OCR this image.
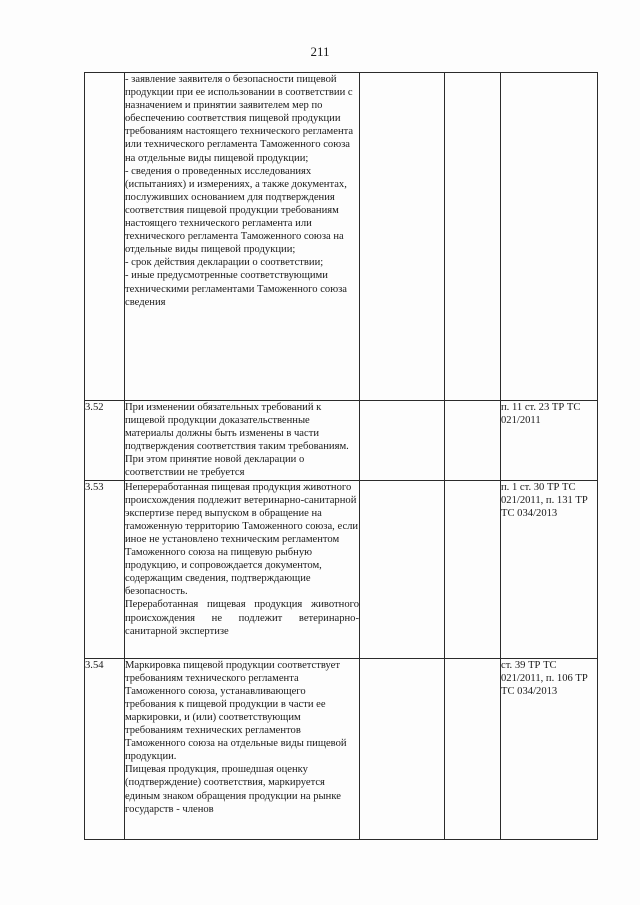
211

	- заявление заявителя о безопасности пищевой продукции при ее использовании в соответствии с назначением и принятии заявителем мер по обеспечению соответствия пищевой продукции требованиям настоящего технического регламента или технического регламента Таможенного союза на отдельные виды пищевой продукции;

- сведения о проведенных исследованиях (испытаниях) и измерениях, а также документах, послуживших основанием для подтверждения соответствия пищевой продукции требованиям настоящего технического регламента или технического регламента Таможенного союза на отдельные виды пищевой продукции;

- срок действия декларации о соответствии;

- иные предусмотренные соответствующими техническими регламентами Таможенного союза сведения			

3.52	При изменении обязательных требований к пищевой продукции доказательственные материалы должны быть изменены в части подтверждения соответствия таким требованиям. При этом принятие новой декларации о соответствии не требуется			п. 11 ст. 23 ТР ТС 021/2011
3.53	Непереработанная пищевая продукция животного происхождения подлежит ветеринарно-санитарной экспертизе перед выпуском в обращение на таможенную территорию Таможенного союза, если иное не установлено техническим регламентом Таможенного союза на пищевую рыбную продукцию, и сопровождается документом, содержащим сведения, подтверждающие безопасность.

Переработанная пищевая продукция животного происхождения не подлежит ветеринарно-санитарной экспертизе			п. 1 ст. 30 ТР ТС 021/2011, п. 131 ТР ТС 034/2013
3.54	Маркировка пищевой продукции соответствует требованиям технического регламента Таможенного союза, устанавливающего требования к пищевой продукции в части ее маркировки, и (или) соответствующим требованиям технических регламентов Таможенного союза на отдельные виды пищевой продукции.

Пищевая продукция, прошедшая оценку (подтверждение) соответствия, маркируется единым знаком обращения продукции на рынке государств - членов			ст. 39 ТР ТС 021/2011, п. 106 ТР ТС 034/2013
